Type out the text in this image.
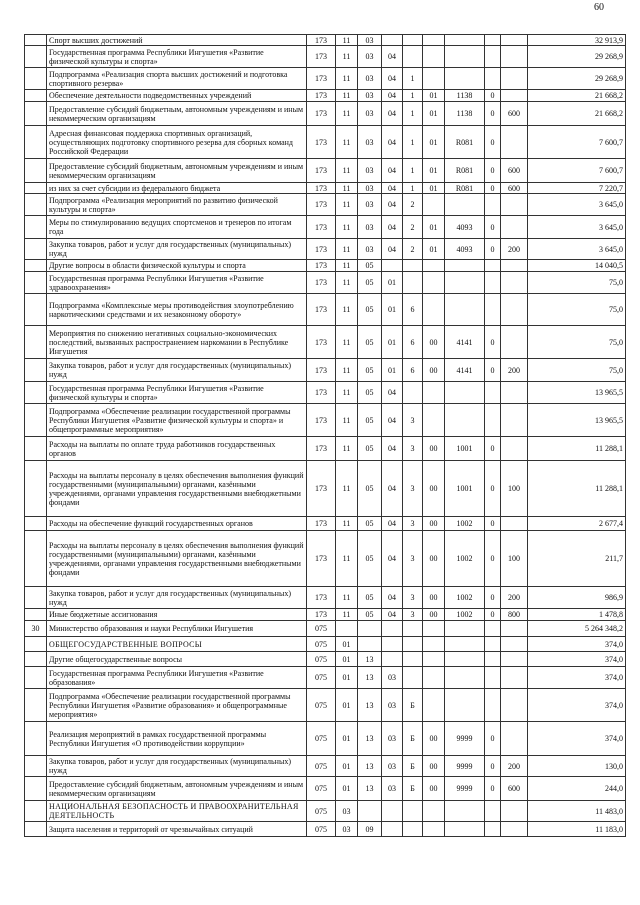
60
	Спорт высших достижений	173	11	03							32 913,9
	Государственная программа Республики Ингушетия «Развитие физической культуры и спорта»	173	11	03	04						29 268,9
	Подпрограмма «Реализация спорта высших достижений и подготовка спортивного резерва»	173	11	03	04	1					29 268,9
	Обеспечение деятельности подведомственных учреждений	173	11	03	04	1	01	1138	0		21 668,2
	Предоставление субсидий бюджетным, автономным учреждениям и иным некоммерческим организациям	173	11	03	04	1	01	1138	0	600	21 668,2
	Адресная финансовая поддержка спортивных организаций, осуществляющих подготовку спортивного резерва для сборных команд Российской Федерации	173	11	03	04	1	01	R081	0		7 600,7
	Предоставление субсидий бюджетным, автономным учреждениям и иным некоммерческим организациям	173	11	03	04	1	01	R081	0	600	7 600,7
	из них за счет субсидии из федерального бюджета	173	11	03	04	1	01	R081	0	600	7 220,7
	Подпрограмма «Реализация мероприятий по развитию физической культуры и спорта»	173	11	03	04	2					3 645,0
	Меры по стимулированию ведущих спортсменов и тренеров по итогам года	173	11	03	04	2	01	4093	0		3 645,0
	Закупка товаров, работ и услуг для государственных (муниципальных) нужд	173	11	03	04	2	01	4093	0	200	3 645,0
	Другие вопросы в области физической культуры и спорта	173	11	05							14 040,5
	Государственная программа Республики Ингушетия «Развитие здравоохранения»	173	11	05	01						75,0
	Подпрограмма «Комплексные меры противодействия злоупотреблению наркотическими средствами и их незаконному обороту»	173	11	05	01	6					75,0
	Мероприятия по снижению негативных социально-экономических последствий, вызванных распространением наркомании в Республике Ингушетия	173	11	05	01	6	00	4141	0		75,0
	Закупка товаров, работ и услуг для государственных (муниципальных) нужд	173	11	05	01	6	00	4141	0	200	75,0
	Государственная программа Республики Ингушетия «Развитие физической культуры и спорта»	173	11	05	04						13 965,5
	Подпрограмма «Обеспечение реализации государственной программы Республики Ингушетия «Развитие физической культуры и спорта» и общепрограммные мероприятия»	173	11	05	04	3					13 965,5
	Расходы на выплаты по оплате труда работников государственных органов	173	11	05	04	3	00	1001	0		11 288,1
	Расходы на выплаты персоналу в целях обеспечения выполнения функций государственными (муниципальными) органами, казёнными учреждениями, органами управления государственными внебюджетными фондами	173	11	05	04	3	00	1001	0	100	11 288,1
	Расходы на обеспечение функций государственных органов	173	11	05	04	3	00	1002	0		2 677,4
	Расходы на выплаты персоналу в целях обеспечения выполнения функций государственными (муниципальными) органами, казёнными учреждениями, органами управления государственными внебюджетными фондами	173	11	05	04	3	00	1002	0	100	211,7
	Закупка товаров, работ и услуг для государственных (муниципальных) нужд	173	11	05	04	3	00	1002	0	200	986,9
	Иные бюджетные ассигнования	173	11	05	04	3	00	1002	0	800	1 478,8
30	Министерство образования и науки Республики Ингушетия	075									5 264 348,2
	ОБЩЕГОСУДАРСТВЕННЫЕ ВОПРОСЫ	075	01								374,0
	Другие общегосударственные вопросы	075	01	13							374,0
	Государственная программа Республики Ингушетия «Развитие образования»	075	01	13	03						374,0
	Подпрограмма «Обеспечение реализации государственной программы Республики Ингушетия «Развитие образования» и общепрограммные мероприятия»	075	01	13	03	Б					374,0
	Реализация мероприятий в рамках государственной программы Республики Ингушетия «О противодействии коррупции»	075	01	13	03	Б	00	9999	0		374,0
	Закупка товаров, работ и услуг для государственных (муниципальных) нужд	075	01	13	03	Б	00	9999	0	200	130,0
	Предоставление субсидий бюджетным, автономным учреждениям и иным некоммерческим организациям	075	01	13	03	Б	00	9999	0	600	244,0
	НАЦИОНАЛЬНАЯ БЕЗОПАСНОСТЬ И ПРАВООХРАНИТЕЛЬНАЯ ДЕЯТЕЛЬНОСТЬ	075	03								11 483,0
	Защита населения и территорий от чрезвычайных ситуаций	075	03	09							11 183,0
